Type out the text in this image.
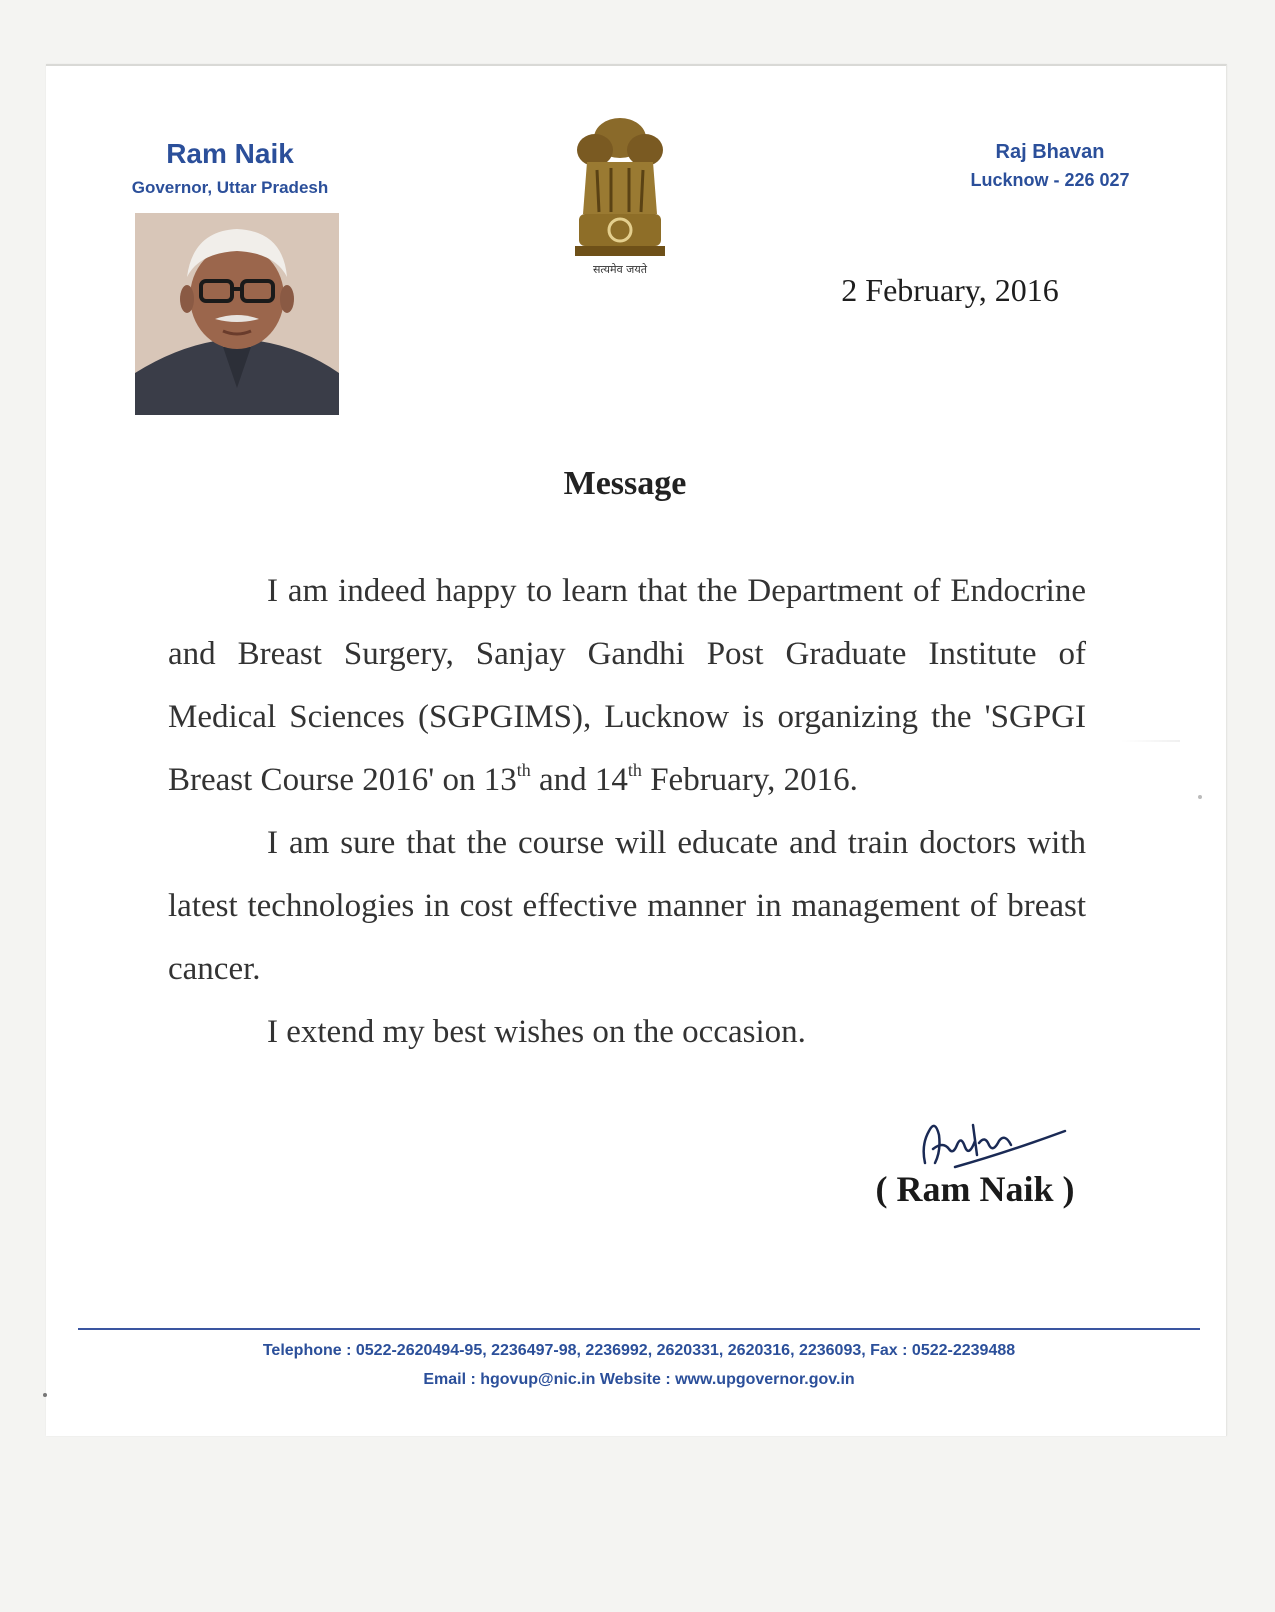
Ram Naik
Governor, Uttar Pradesh
सत्यमेव जयते
Raj Bhavan
Lucknow - 226 027
2 February, 2016
Message

I am indeed happy to learn that the Department of Endocrine and Breast Surgery, Sanjay Gandhi Post Graduate Institute of Medical Sciences (SGPGIMS), Lucknow is organizing the 'SGPGI Breast Course 2016' on 13th and 14th February, 2016.

I am sure that the course will educate and train doctors with latest technologies in cost effective manner in management of breast cancer.

I extend my best wishes on the occasion.

( Ram Naik )
Telephone : 0522-2620494-95, 2236497-98, 2236992, 2620331, 2620316, 2236093, Fax : 0522-2239488
Email : hgovup@nic.in Website : www.upgovernor.gov.in
